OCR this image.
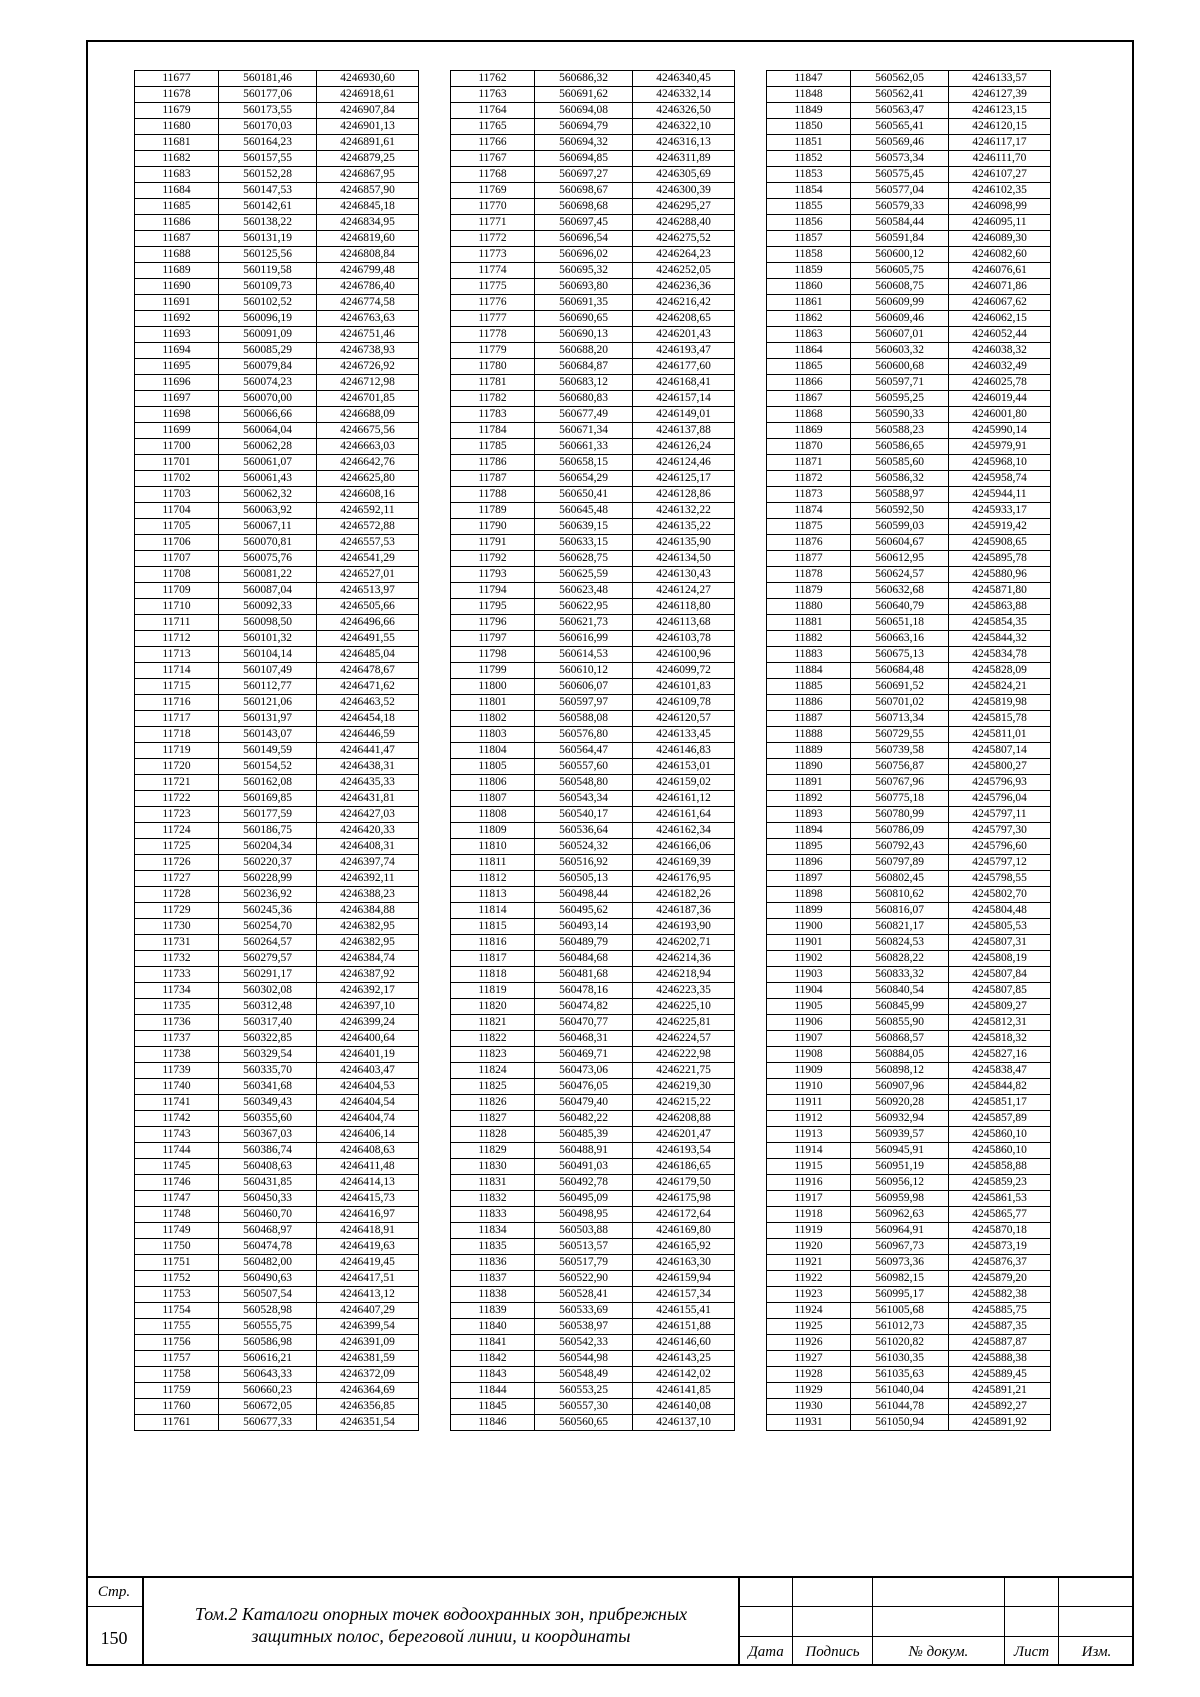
11677	560181,46	4246930,60
11678	560177,06	4246918,61
11679	560173,55	4246907,84
11680	560170,03	4246901,13
11681	560164,23	4246891,61
11682	560157,55	4246879,25
11683	560152,28	4246867,95
11684	560147,53	4246857,90
11685	560142,61	4246845,18
11686	560138,22	4246834,95
11687	560131,19	4246819,60
11688	560125,56	4246808,84
11689	560119,58	4246799,48
11690	560109,73	4246786,40
11691	560102,52	4246774,58
11692	560096,19	4246763,63
11693	560091,09	4246751,46
11694	560085,29	4246738,93
11695	560079,84	4246726,92
11696	560074,23	4246712,98
11697	560070,00	4246701,85
11698	560066,66	4246688,09
11699	560064,04	4246675,56
11700	560062,28	4246663,03
11701	560061,07	4246642,76
11702	560061,43	4246625,80
11703	560062,32	4246608,16
11704	560063,92	4246592,11
11705	560067,11	4246572,88
11706	560070,81	4246557,53
11707	560075,76	4246541,29
11708	560081,22	4246527,01
11709	560087,04	4246513,97
11710	560092,33	4246505,66
11711	560098,50	4246496,66
11712	560101,32	4246491,55
11713	560104,14	4246485,04
11714	560107,49	4246478,67
11715	560112,77	4246471,62
11716	560121,06	4246463,52
11717	560131,97	4246454,18
11718	560143,07	4246446,59
11719	560149,59	4246441,47
11720	560154,52	4246438,31
11721	560162,08	4246435,33
11722	560169,85	4246431,81
11723	560177,59	4246427,03
11724	560186,75	4246420,33
11725	560204,34	4246408,31
11726	560220,37	4246397,74
11727	560228,99	4246392,11
11728	560236,92	4246388,23
11729	560245,36	4246384,88
11730	560254,70	4246382,95
11731	560264,57	4246382,95
11732	560279,57	4246384,74
11733	560291,17	4246387,92
11734	560302,08	4246392,17
11735	560312,48	4246397,10
11736	560317,40	4246399,24
11737	560322,85	4246400,64
11738	560329,54	4246401,19
11739	560335,70	4246403,47
11740	560341,68	4246404,53
11741	560349,43	4246404,54
11742	560355,60	4246404,74
11743	560367,03	4246406,14
11744	560386,74	4246408,63
11745	560408,63	4246411,48
11746	560431,85	4246414,13
11747	560450,33	4246415,73
11748	560460,70	4246416,97
11749	560468,97	4246418,91
11750	560474,78	4246419,63
11751	560482,00	4246419,45
11752	560490,63	4246417,51
11753	560507,54	4246413,12
11754	560528,98	4246407,29
11755	560555,75	4246399,54
11756	560586,98	4246391,09
11757	560616,21	4246381,59
11758	560643,33	4246372,09
11759	560660,23	4246364,69
11760	560672,05	4246356,85
11761	560677,33	4246351,54
11762	560686,32	4246340,45
11763	560691,62	4246332,14
11764	560694,08	4246326,50
11765	560694,79	4246322,10
11766	560694,32	4246316,13
11767	560694,85	4246311,89
11768	560697,27	4246305,69
11769	560698,67	4246300,39
11770	560698,68	4246295,27
11771	560697,45	4246288,40
11772	560696,54	4246275,52
11773	560696,02	4246264,23
11774	560695,32	4246252,05
11775	560693,80	4246236,36
11776	560691,35	4246216,42
11777	560690,65	4246208,65
11778	560690,13	4246201,43
11779	560688,20	4246193,47
11780	560684,87	4246177,60
11781	560683,12	4246168,41
11782	560680,83	4246157,14
11783	560677,49	4246149,01
11784	560671,34	4246137,88
11785	560661,33	4246126,24
11786	560658,15	4246124,46
11787	560654,29	4246125,17
11788	560650,41	4246128,86
11789	560645,48	4246132,22
11790	560639,15	4246135,22
11791	560633,15	4246135,90
11792	560628,75	4246134,50
11793	560625,59	4246130,43
11794	560623,48	4246124,27
11795	560622,95	4246118,80
11796	560621,73	4246113,68
11797	560616,99	4246103,78
11798	560614,53	4246100,96
11799	560610,12	4246099,72
11800	560606,07	4246101,83
11801	560597,97	4246109,78
11802	560588,08	4246120,57
11803	560576,80	4246133,45
11804	560564,47	4246146,83
11805	560557,60	4246153,01
11806	560548,80	4246159,02
11807	560543,34	4246161,12
11808	560540,17	4246161,64
11809	560536,64	4246162,34
11810	560524,32	4246166,06
11811	560516,92	4246169,39
11812	560505,13	4246176,95
11813	560498,44	4246182,26
11814	560495,62	4246187,36
11815	560493,14	4246193,90
11816	560489,79	4246202,71
11817	560484,68	4246214,36
11818	560481,68	4246218,94
11819	560478,16	4246223,35
11820	560474,82	4246225,10
11821	560470,77	4246225,81
11822	560468,31	4246224,57
11823	560469,71	4246222,98
11824	560473,06	4246221,75
11825	560476,05	4246219,30
11826	560479,40	4246215,22
11827	560482,22	4246208,88
11828	560485,39	4246201,47
11829	560488,91	4246193,54
11830	560491,03	4246186,65
11831	560492,78	4246179,50
11832	560495,09	4246175,98
11833	560498,95	4246172,64
11834	560503,88	4246169,80
11835	560513,57	4246165,92
11836	560517,79	4246163,30
11837	560522,90	4246159,94
11838	560528,41	4246157,34
11839	560533,69	4246155,41
11840	560538,97	4246151,88
11841	560542,33	4246146,60
11842	560544,98	4246143,25
11843	560548,49	4246142,02
11844	560553,25	4246141,85
11845	560557,30	4246140,08
11846	560560,65	4246137,10
11847	560562,05	4246133,57
11848	560562,41	4246127,39
11849	560563,47	4246123,15
11850	560565,41	4246120,15
11851	560569,46	4246117,17
11852	560573,34	4246111,70
11853	560575,45	4246107,27
11854	560577,04	4246102,35
11855	560579,33	4246098,99
11856	560584,44	4246095,11
11857	560591,84	4246089,30
11858	560600,12	4246082,60
11859	560605,75	4246076,61
11860	560608,75	4246071,86
11861	560609,99	4246067,62
11862	560609,46	4246062,15
11863	560607,01	4246052,44
11864	560603,32	4246038,32
11865	560600,68	4246032,49
11866	560597,71	4246025,78
11867	560595,25	4246019,44
11868	560590,33	4246001,80
11869	560588,23	4245990,14
11870	560586,65	4245979,91
11871	560585,60	4245968,10
11872	560586,32	4245958,74
11873	560588,97	4245944,11
11874	560592,50	4245933,17
11875	560599,03	4245919,42
11876	560604,67	4245908,65
11877	560612,95	4245895,78
11878	560624,57	4245880,96
11879	560632,68	4245871,80
11880	560640,79	4245863,88
11881	560651,18	4245854,35
11882	560663,16	4245844,32
11883	560675,13	4245834,78
11884	560684,48	4245828,09
11885	560691,52	4245824,21
11886	560701,02	4245819,98
11887	560713,34	4245815,78
11888	560729,55	4245811,01
11889	560739,58	4245807,14
11890	560756,87	4245800,27
11891	560767,96	4245796,93
11892	560775,18	4245796,04
11893	560780,99	4245797,11
11894	560786,09	4245797,30
11895	560792,43	4245796,60
11896	560797,89	4245797,12
11897	560802,45	4245798,55
11898	560810,62	4245802,70
11899	560816,07	4245804,48
11900	560821,17	4245805,53
11901	560824,53	4245807,31
11902	560828,22	4245808,19
11903	560833,32	4245807,84
11904	560840,54	4245807,85
11905	560845,99	4245809,27
11906	560855,90	4245812,31
11907	560868,57	4245818,32
11908	560884,05	4245827,16
11909	560898,12	4245838,47
11910	560907,96	4245844,82
11911	560920,28	4245851,17
11912	560932,94	4245857,89
11913	560939,57	4245860,10
11914	560945,91	4245860,10
11915	560951,19	4245858,88
11916	560956,12	4245859,23
11917	560959,98	4245861,53
11918	560962,63	4245865,77
11919	560964,91	4245870,18
11920	560967,73	4245873,19
11921	560973,36	4245876,37
11922	560982,15	4245879,20
11923	560995,17	4245882,38
11924	561005,68	4245885,75
11925	561012,73	4245887,35
11926	561020,82	4245887,87
11927	561030,35	4245888,38
11928	561035,63	4245889,45
11929	561040,04	4245891,21
11930	561044,78	4245892,27
11931	561050,94	4245891,92
Стр.
150
Том.2 Каталоги опорных точек водоохранных зон, прибрежных
защитных полос, береговой линии, и координаты
Дата	Подпись	№ докум.	Лист	Изм.
